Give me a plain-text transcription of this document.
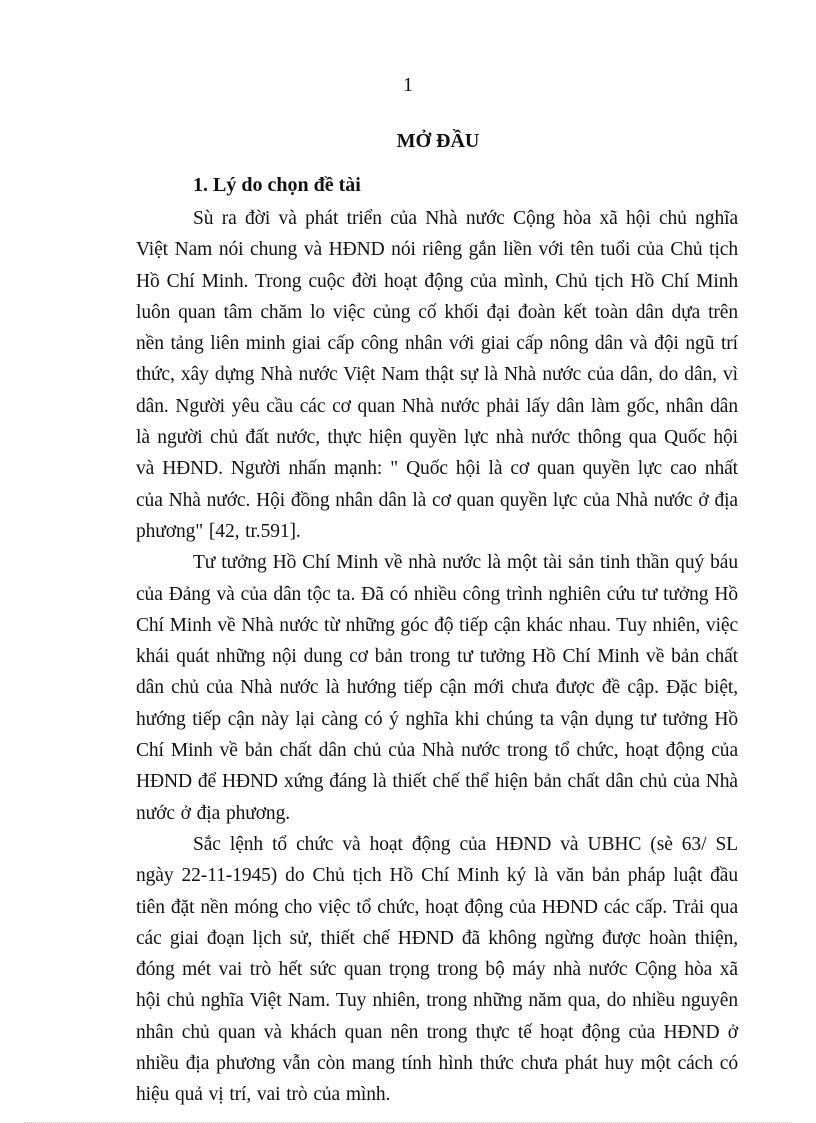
1

MỞ ĐẦU
1. Lý do chọn đề tài

Sù ra đời và phát triển của Nhà nước Cộng hòa xã hội chủ nghĩa Việt Nam nói chung và HĐND nói riêng gắn liền với tên tuổi của Chủ tịch Hồ Chí Minh. Trong cuộc đời hoạt động của mình, Chủ tịch Hồ Chí Minh luôn quan tâm chăm lo việc củng cố khối đại đoàn kết toàn dân dựa trên nền tảng liên minh giai cấp công nhân với giai cấp nông dân và đội ngũ trí thức, xây dựng Nhà nước Việt Nam thật sự là Nhà nước của dân, do dân, vì dân. Người yêu cầu các cơ quan Nhà nước phải lấy dân làm gốc, nhân dân là người chủ đất nước, thực hiện quyền lực nhà nước thông qua Quốc hội và HĐND. Người nhấn mạnh: " Quốc hội là cơ quan quyền lực cao nhất của Nhà nước. Hội đồng nhân dân là cơ quan quyền lực của Nhà nước ở địa phương" [42, tr.591].

Tư tưởng Hồ Chí Minh về nhà nước là một tài sản tinh thần quý báu của Đảng và của dân tộc ta. Đã có nhiều công trình nghiên cứu tư tưởng Hồ Chí Minh về Nhà nước từ những góc độ tiếp cận khác nhau. Tuy nhiên, việc khái quát những nội dung cơ bản trong tư tưởng Hồ Chí Minh về bản chất dân chủ của Nhà nước là hướng tiếp cận mới chưa được đề cập. Đặc biệt, hướng tiếp cận này lại càng có ý nghĩa khi chúng ta vận dụng tư tưởng Hồ Chí Minh về bản chất dân chủ của Nhà nước trong tổ chức, hoạt động của HĐND để HĐND xứng đáng là thiết chế thể hiện bản chất dân chủ của Nhà nước ở địa phương.

Sắc lệnh tổ chức và hoạt động của HĐND và UBHC (sè 63/ SL ngày 22-11-1945) do Chủ tịch Hồ Chí Minh ký là văn bản pháp luật đầu tiên đặt nền móng cho việc tổ chức, hoạt động của HĐND các cấp. Trải qua các giai đoạn lịch sử, thiết chế HĐND đã không ngừng được hoàn thiện, đóng mét vai trò hết sức quan trọng trong bộ máy nhà nước Cộng hòa xã hội chủ nghĩa Việt Nam. Tuy nhiên, trong những năm qua, do nhiều nguyên nhân chủ quan và khách quan nên trong thực tế hoạt động của HĐND ở nhiều địa phương vẫn còn mang tính hình thức chưa phát huy một cách có hiệu quả vị trí, vai trò của mình.
